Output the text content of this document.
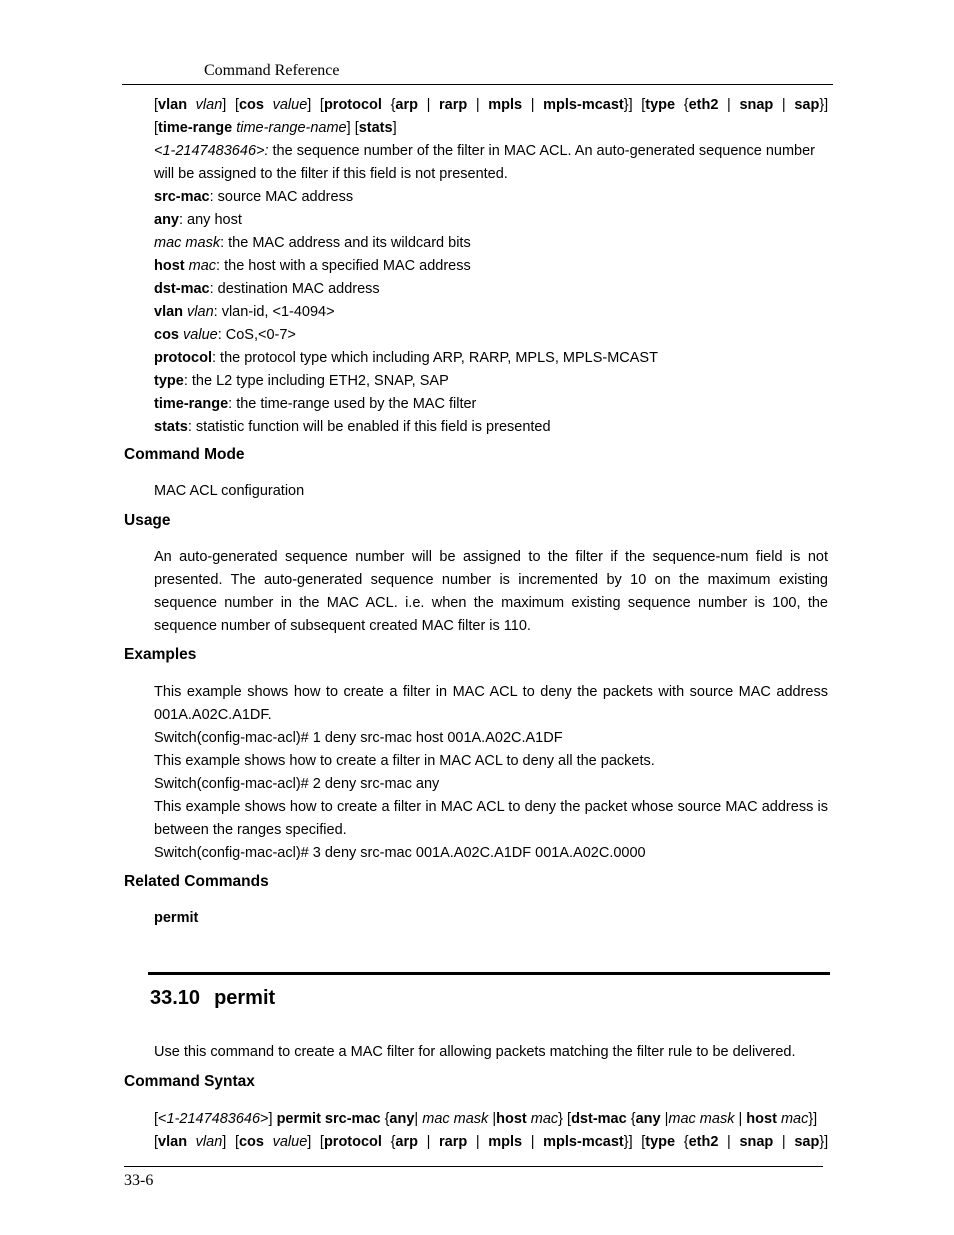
Command Reference
[vlan vlan] [cos value] [protocol {arp | rarp | mpls | mpls-mcast}] [type {eth2 | snap | sap}]
[time-range time-range-name] [stats]
<1-2147483646>: the sequence number of the filter in MAC ACL. An auto-generated sequence number
will be assigned to the filter if this field is not presented.
src-mac: source MAC address
any: any host
mac mask: the MAC address and its wildcard bits
host mac: the host with a specified MAC address
dst-mac: destination MAC address
vlan vlan: vlan-id, <1-4094>
cos value: CoS,<0-7>
protocol: the protocol type which including ARP, RARP, MPLS, MPLS-MCAST
type: the L2 type including ETH2, SNAP, SAP
time-range: the time-range used by the MAC filter
stats: statistic function will be enabled if this field is presented
Command Mode
MAC ACL configuration
Usage
An auto-generated sequence number will be assigned to the filter if the sequence-num field is not
presented. The auto-generated sequence number is incremented by 10 on the maximum existing
sequence number in the MAC ACL. i.e. when the maximum existing sequence number is 100, the
sequence number of subsequent created MAC filter is 110.
Examples
This example shows how to create a filter in MAC ACL to deny the packets with source MAC address
001A.A02C.A1DF.
Switch(config-mac-acl)# 1 deny src-mac host 001A.A02C.A1DF
This example shows how to create a filter in MAC ACL to deny all the packets.
Switch(config-mac-acl)# 2 deny src-mac any
This example shows how to create a filter in MAC ACL to deny the packet whose source MAC address is
between the ranges specified.
Switch(config-mac-acl)# 3 deny src-mac 001A.A02C.A1DF 001A.A02C.0000
Related Commands
permit
33.10 permit
Use this command to create a MAC filter for allowing packets matching the filter rule to be delivered.
Command Syntax
[<1-2147483646>] permit src-mac {any| mac mask |host mac} [dst-mac {any |mac mask | host mac}]
[vlan vlan] [cos value] [protocol {arp | rarp | mpls | mpls-mcast}] [type {eth2 | snap | sap}]
33-6
